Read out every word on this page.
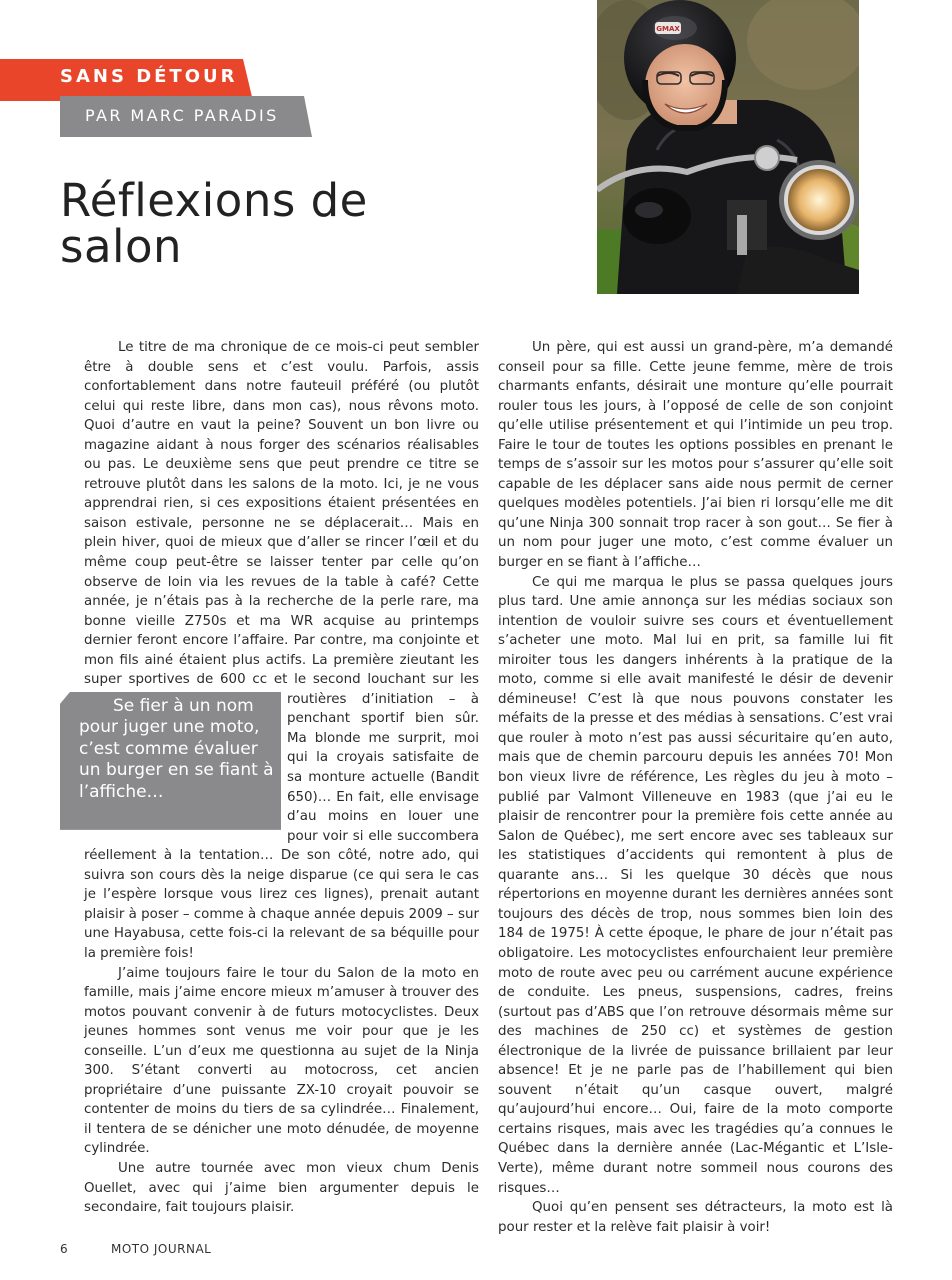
SANS DÉTOUR
PAR MARC PARADIS
Réflexions de salon
GMAX

Le titre de ma chronique de ce mois-ci peut sembler être à double sens et c’est voulu. Parfois, assis confortablement dans notre fauteuil préféré (ou plutôt celui qui reste libre, dans mon cas), nous rêvons moto. Quoi d’autre en vaut la peine? Souvent un bon livre ou magazine aidant à nous forger des scénarios réalisables ou pas. Le deuxième sens que peut prendre ce titre se retrouve plutôt dans les salons de la moto. Ici, je ne vous apprendrai rien, si ces expositions étaient présentées en saison estivale, personne ne se déplacerait… Mais en plein hiver, quoi de mieux que d’aller se rincer l’œil et du même coup peut-être se laisser tenter par celle qu’on observe de loin via les revues de la table à café? Cette année, je n’étais pas à la recherche de la perle rare, ma bonne vieille Z750s et ma WR acquise au printemps dernier feront encore l’affaire. Par contre, ma conjointe et mon fils ainé étaient plus actifs. La première zieutant les super sportives de 600 cc et le second louchant sur les routières d’initiation

Se fier à un nom pour juger une moto, c’est comme évaluer un burger en se fiant à l’affiche…

– à penchant sportif bien sûr. Ma blonde me surprit, moi qui la croyais satisfaite de sa monture actuelle (Bandit 650)… En fait, elle envisage d’au moins en louer une pour voir si elle succombera réellement à la tentation… De son côté, notre ado, qui suivra son cours dès la neige disparue (ce qui sera le cas je l’espère lorsque vous lirez ces lignes), prenait autant plaisir à poser – comme à chaque année depuis 2009 – sur une Hayabusa, cette fois-ci la relevant de sa béquille pour la première fois!

J’aime toujours faire le tour du Salon de la moto en famille, mais j’aime encore mieux m’amuser à trouver des motos pouvant convenir à de futurs motocyclistes. Deux jeunes hommes sont venus me voir pour que je les conseille. L’un d’eux me questionna au sujet de la Ninja 300. S’étant converti au motocross, cet ancien propriétaire d’une puissante ZX-10 croyait pouvoir se contenter de moins du tiers de sa cylindrée… Finalement, il tentera de se dénicher une moto dénudée, de moyenne cylindrée.

Une autre tournée avec mon vieux chum Denis Ouellet, avec qui j’aime bien argumenter depuis le secondaire, fait toujours plaisir.

Un père, qui est aussi un grand-père, m’a demandé conseil pour sa fille. Cette jeune femme, mère de trois charmants enfants, désirait une monture qu’elle pourrait rouler tous les jours, à l’opposé de celle de son conjoint qu’elle utilise présentement et qui l’intimide un peu trop. Faire le tour de toutes les options possibles en prenant le temps de s’assoir sur les motos pour s’assurer qu’elle soit capable de les déplacer sans aide nous permit de cerner quelques modèles potentiels. J’ai bien ri lorsqu’elle me dit qu’une Ninja 300 sonnait trop racer à son gout… Se fier à un nom pour juger une moto, c’est comme évaluer un burger en se fiant à l’affiche…

Ce qui me marqua le plus se passa quelques jours plus tard. Une amie annonça sur les médias sociaux son intention de vouloir suivre ses cours et éventuellement s’acheter une moto. Mal lui en prit, sa famille lui fit miroiter tous les dangers inhérents à la pratique de la moto, comme si elle avait manifesté le désir de devenir démineuse! C’est là que nous pouvons constater les méfaits de la presse et des médias à sensations. C’est vrai que rouler à moto n’est pas aussi sécuritaire qu’en auto, mais que de chemin parcouru depuis les années 70! Mon bon vieux livre de référence, Les règles du jeu à moto – publié par Valmont Villeneuve en 1983 (que j’ai eu le plaisir de rencontrer pour la première fois cette année au Salon de Québec), me sert encore avec ses tableaux sur les statistiques d’accidents qui remontent à plus de quarante ans… Si les quelque 30 décès que nous répertorions en moyenne durant les dernières années sont toujours des décès de trop, nous sommes bien loin des 184 de 1975! À cette époque, le phare de jour n’était pas obligatoire. Les motocyclistes enfourchaient leur première moto de route avec peu ou carrément aucune expérience de conduite. Les pneus, suspensions, cadres, freins (surtout pas d’ABS que l’on retrouve désormais même sur des machines de 250 cc) et systèmes de gestion électronique de la livrée de puissance brillaient par leur absence! Et je ne parle pas de l’habillement qui bien souvent n’était qu’un casque ouvert, malgré qu’aujourd’hui encore… Oui, faire de la moto comporte certains risques, mais avec les tragédies qu’a connues le Québec dans la dernière année (Lac-Mégantic et L’Isle-Verte), même durant notre sommeil nous courons des risques…

Quoi qu’en pensent ses détracteurs, la moto est là pour rester et la relève fait plaisir à voir!

6	MOTO JOURNAL
